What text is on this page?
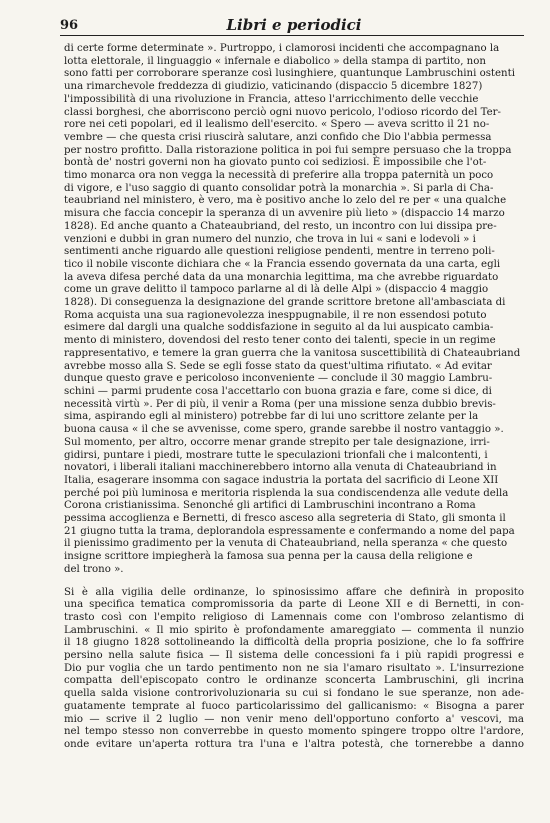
96	Libri e periodici

di certe forme determinate ». Purtroppo, i clamorosi incidenti che accompagnano la
lotta elettorale, il linguaggio « infernale e diabolico » della stampa di partito, non
sono fatti per corroborare speranze così lusinghiere, quantunque Lambruschini ostenti
una rimarchevole freddezza di giudizio, vaticinando (dispaccio 5 dicembre 1827)
l'impossibilità di una rivoluzione in Francia, atteso l'arricchimento delle vecchie
classi borghesi, che aborriscono perciò ogni nuovo pericolo, l'odioso ricordo del Ter-
rore nei ceti popolari, ed il lealismo dell'esercito. « Spero — aveva scritto il 21 no-
vembre — che questa crisi riuscirà salutare, anzi confido che Dio l'abbia permessa
per nostro profitto. Dalla ristorazione politica in poi fui sempre persuaso che la troppa
bontà de' nostri governi non ha giovato punto coi sediziosi. È impossibile che l'ot-
timo monarca ora non vegga la necessità di preferire alla troppa paternità un poco
di vigore, e l'uso saggio di quanto consolidar potrà la monarchia ». Si parla di Cha-
teaubriand nel ministero, è vero, ma è positivo anche lo zelo del re per « una qualche
misura che faccia concepir la speranza di un avvenire più lieto » (dispaccio 14 marzo
1828). Ed anche quanto a Chateaubriand, del resto, un incontro con lui dissipa pre-
venzioni e dubbi in gran numero del nunzio, che trova in lui « sani e lodevoli » i
sentimenti anche riguardo alle questioni religiose pendenti, mentre in terreno poli-
tico il nobile visconte dichiara che « la Francia essendo governata da una carta, egli
la aveva difesa perché data da una monarchia legittima, ma che avrebbe riguardato
come un grave delitto il tampoco parlarne al di là delle Alpi » (dispaccio 4 maggio
1828). Di conseguenza la designazione del grande scrittore bretone all'ambasciata di
Roma acquista una sua ragionevolezza inesppugnabile, il re non essendosi potuto
esimere dal dargli una qualche soddisfazione in seguito al da lui auspicato cambia-
mento di ministero, dovendosi del resto tener conto dei talenti, specie in un regime
rappresentativo, e temere la gran guerra che la vanitosa suscettibilità di Chateaubriand
avrebbe mosso alla S. Sede se egli fosse stato da quest'ultima rifiutato. « Ad evitar
dunque questo grave e pericoloso inconveniente — conclude il 30 maggio Lambru-
schini — parmi prudente cosa l'accettarlo con buona grazia e fare, come si dice, di
necessità virtù ». Per di più, il venir a Roma (per una missione senza dubbio brevis-
sima, aspirando egli al ministero) potrebbe far di lui uno scrittore zelante per la
buona causa « il che se avvenisse, come spero, grande sarebbe il nostro vantaggio ».
Sul momento, per altro, occorre menar grande strepito per tale designazione, irri-
gidirsi, puntare i piedi, mostrare tutte le speculazioni trionfali che i malcontenti, i
novatori, i liberali italiani macchinerebbero intorno alla venuta di Chateaubriand in
Italia, esagerare insomma con sagace industria la portata del sacrificio di Leone XII
perché poi più luminosa e meritoria risplenda la sua condiscendenza alle vedute della
Corona cristianissima. Senonché gli artifici di Lambruschini incontrano a Roma
pessima accoglienza e Bernetti, di fresco asceso alla segreteria di Stato, gli smonta il
21 giugno tutta la trama, deplorandola espressamente e confermando a nome del papa
il pienissimo gradimento per la venuta di Chateaubriand, nella speranza « che questo
insigne scrittore impiegherà la famosa sua penna per la causa della religione e
del trono ».

Si è alla vigilia delle ordinanze, lo spinosissimo affare che definirà in proposito
una specifica tematica compromissoria da parte di Leone XII e di Bernetti, in con-
trasto così con l'empito religioso di Lamennais come con l'ombroso zelantismo di
Lambruschini. « Il mio spirito è profondamente amareggiato — commenta il nunzio
il 18 giugno 1828 sottolineando la difficoltà della propria posizione, che lo fa soffrire
persino nella salute fisica — Il sistema delle concessioni fa i più rapidi progressi e
Dio pur voglia che un tardo pentimento non ne sia l'amaro risultato ». L'insurrezione
compatta dell'episcopato contro le ordinanze sconcerta Lambruschini, gli incrina
quella salda visione controrivoluzionaria su cui si fondano le sue speranze, non ade-
guatamente temprate al fuoco particolarissimo del gallicanismo: « Bisogna a parer
mio — scrive il 2 luglio — non venir meno dell'opportuno conforto a' vescovi, ma
nel tempo stesso non converrebbe in questo momento spingere troppo oltre l'ardore,
onde evitare un'aperta rottura tra l'una e l'altra potestà, che tornerebbe a danno
